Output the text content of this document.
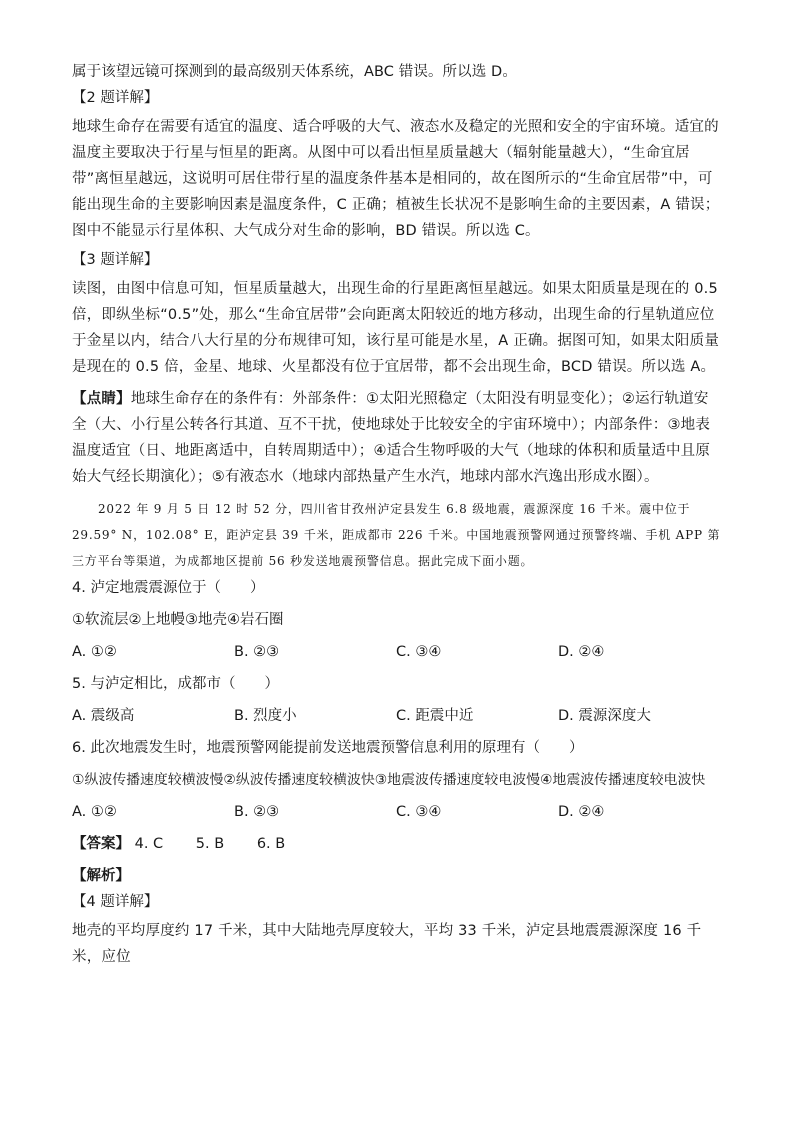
属于该望远镜可探测到的最高级别天体系统，ABC 错误。所以选 D。
【2 题详解】
地球生命存在需要有适宜的温度、适合呼吸的大气、液态水及稳定的光照和安全的宇宙环境。适宜的温度主要取决于行星与恒星的距离。从图中可以看出恒星质量越大（辐射能量越大），“生命宜居带”离恒星越远，这说明可居住带行星的温度条件基本是相同的，故在图所示的“生命宜居带”中，可能出现生命的主要影响因素是温度条件，C 正确；植被生长状况不是影响生命的主要因素，A 错误；图中不能显示行星体积、大气成分对生命的影响，BD 错误。所以选 C。
【3 题详解】
读图，由图中信息可知，恒星质量越大，出现生命的行星距离恒星越远。如果太阳质量是现在的 0.5 倍，即纵坐标“0.5”处，那么“生命宜居带”会向距离太阳较近的地方移动，出现生命的行星轨道应位于金星以内，结合八大行星的分布规律可知，该行星可能是水星，A 正确。据图可知，如果太阳质量是现在的 0.5 倍，金星、地球、火星都没有位于宜居带，都不会出现生命，BCD 错误。所以选 A。
【点睛】地球生命存在的条件有：外部条件：①太阳光照稳定（太阳没有明显变化）；②运行轨道安全（大、小行星公转各行其道、互不干扰，使地球处于比较安全的宇宙环境中）；内部条件：③地表温度适宜（日、地距离适中，自转周期适中）；④适合生物呼吸的大气（地球的体积和质量适中且原始大气经长期演化）；⑤有液态水（地球内部热量产生水汽，地球内部水汽逸出形成水圈）。
2022 年 9 月 5 日 12 时 52 分，四川省甘孜州泸定县发生 6.8 级地震，震源深度 16 千米。震中位于 29.59° N，102.08° E，距泸定县 39 千米，距成都市 226 千米。中国地震预警网通过预警终端、手机 APP 第三方平台等渠道，为成都地区提前 56 秒发送地震预警信息。据此完成下面小题。
4. 泸定地震震源位于（　　）
①软流层②上地幔③地壳④岩石圈
A. ①②	B. ②③	C. ③④	D. ②④
5. 与泸定相比，成都市（　　）
A. 震级高	B. 烈度小	C. 距震中近	D. 震源深度大
6. 此次地震发生时，地震预警网能提前发送地震预警信息利用的原理有（　　）
①纵波传播速度较横波慢②纵波传播速度较横波快③地震波传播速度较电波慢④地震波传播速度较电波快
A. ①②	B. ②③	C. ③④	D. ②④
【答案】 4. C 5. B 6. B
【解析】
【4 题详解】
地壳的平均厚度约 17 千米，其中大陆地壳厚度较大，平均 33 千米，泸定县地震震源深度 16 千米，应位
